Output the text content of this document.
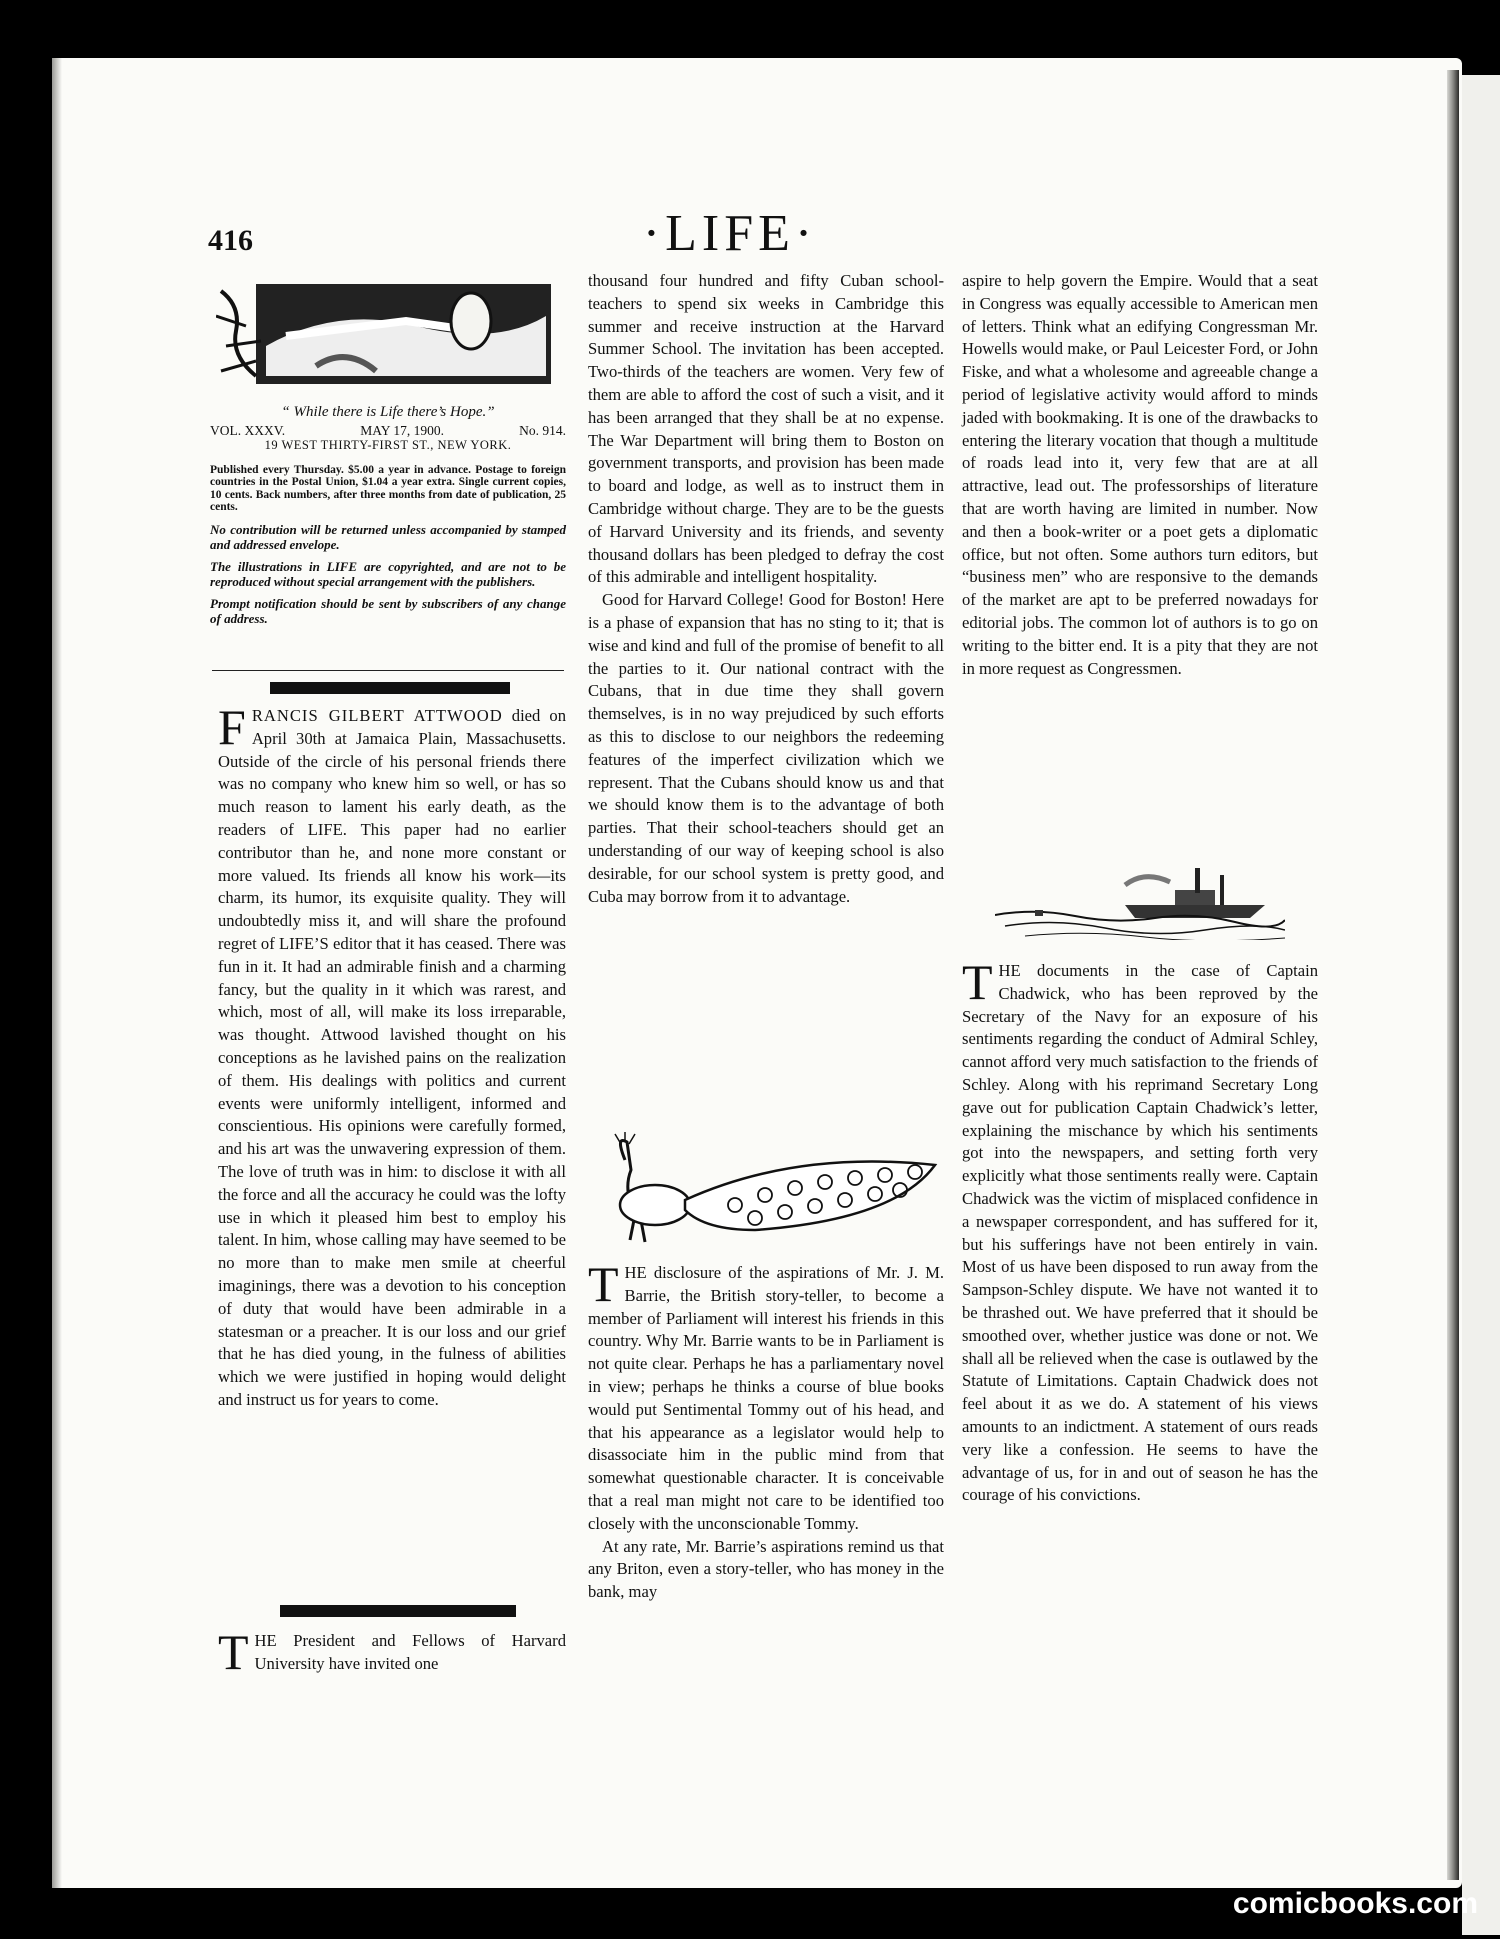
416	·LIFE·
“ While there is Life there’s Hope.”
VOL. XXXV.	MAY 17, 1900.	No. 914.
19 WEST THIRTY-FIRST ST., NEW YORK.
Published every Thursday. $5.00 a year in advance. Postage to foreign countries in the Postal Union, $1.04 a year extra. Single current copies, 10 cents. Back numbers, after three months from date of publication, 25 cents.
No contribution will be returned unless accompanied by stamped and addressed envelope.
The illustrations in LIFE are copyrighted, and are not to be reproduced without special arrangement with the publishers.
Prompt notification should be sent by subscribers of any change of address.

FRANCIS GILBERT ATTWOOD died on April 30th at Jamaica Plain, Massachusetts. Outside of the circle of his personal friends there was no company who knew him so well, or has so much reason to lament his early death, as the readers of LIFE. This paper had no earlier contributor than he, and none more constant or more valued. Its friends all know his work—its charm, its humor, its exquisite quality. They will undoubtedly miss it, and will share the profound regret of LIFE’S editor that it has ceased. There was fun in it. It had an admirable finish and a charming fancy, but the quality in it which was rarest, and which, most of all, will make its loss irreparable, was thought. Attwood lavished thought on his conceptions as he lavished pains on the realization of them. His dealings with politics and current events were uniformly intelligent, informed and conscientious. His opinions were carefully formed, and his art was the unwavering expression of them. The love of truth was in him: to disclose it with all the force and all the accuracy he could was the lofty use in which it pleased him best to employ his talent. In him, whose calling may have seemed to be no more than to make men smile at cheerful imaginings, there was a devotion to his conception of duty that would have been admirable in a statesman or a preacher. It is our loss and our grief that he has died young, in the fulness of abilities which we were justified in hoping would delight and instruct us for years to come.

THE President and Fellows of Harvard University have invited one

thousand four hundred and fifty Cuban school-teachers to spend six weeks in Cambridge this summer and receive instruction at the Harvard Summer School. The invitation has been accepted. Two-thirds of the teachers are women. Very few of them are able to afford the cost of such a visit, and it has been arranged that they shall be at no expense. The War Department will bring them to Boston on government transports, and provision has been made to board and lodge, as well as to instruct them in Cambridge without charge. They are to be the guests of Harvard University and its friends, and seventy thousand dollars has been pledged to defray the cost of this admirable and intelligent hospitality.

Good for Harvard College! Good for Boston! Here is a phase of expansion that has no sting to it; that is wise and kind and full of the promise of benefit to all the parties to it. Our national contract with the Cubans, that in due time they shall govern themselves, is in no way prejudiced by such efforts as this to disclose to our neighbors the redeeming features of the imperfect civilization which we represent. That the Cubans should know us and that we should know them is to the advantage of both parties. That their school-teachers should get an understanding of our way of keeping school is also desirable, for our school system is pretty good, and Cuba may borrow from it to advantage.

THE disclosure of the aspirations of Mr. J. M. Barrie, the British story-teller, to become a member of Parliament will interest his friends in this country. Why Mr. Barrie wants to be in Parliament is not quite clear. Perhaps he has a parliamentary novel in view; perhaps he thinks a course of blue books would put Sentimental Tommy out of his head, and that his appearance as a legislator would help to disassociate him in the public mind from that somewhat questionable character. It is conceivable that a real man might not care to be identified too closely with the unconscionable Tommy.

At any rate, Mr. Barrie’s aspirations remind us that any Briton, even a story-teller, who has money in the bank, may

aspire to help govern the Empire. Would that a seat in Congress was equally accessible to American men of letters. Think what an edifying Congressman Mr. Howells would make, or Paul Leicester Ford, or John Fiske, and what a wholesome and agreeable change a period of legislative activity would afford to minds jaded with bookmaking. It is one of the drawbacks to entering the literary vocation that though a multitude of roads lead into it, very few that are at all attractive, lead out. The professorships of literature that are worth having are limited in number. Now and then a book-writer or a poet gets a diplomatic office, but not often. Some authors turn editors, but “business men” who are responsive to the demands of the market are apt to be preferred nowadays for editorial jobs. The common lot of authors is to go on writing to the bitter end. It is a pity that they are not in more request as Congressmen.

THE documents in the case of Captain Chadwick, who has been reproved by the Secretary of the Navy for an exposure of his sentiments regarding the conduct of Admiral Schley, cannot afford very much satisfaction to the friends of Schley. Along with his reprimand Secretary Long gave out for publication Captain Chadwick’s letter, explaining the mischance by which his sentiments got into the newspapers, and setting forth very explicitly what those sentiments really were. Captain Chadwick was the victim of misplaced confidence in a newspaper correspondent, and has suffered for it, but his sufferings have not been entirely in vain. Most of us have been disposed to run away from the Sampson-Schley dispute. We have not wanted it to be thrashed out. We have preferred that it should be smoothed over, whether justice was done or not. We shall all be relieved when the case is outlawed by the Statute of Limitations. Captain Chadwick does not feel about it as we do. A statement of his views amounts to an indictment. A statement of ours reads very like a confession. He seems to have the advantage of us, for in and out of season he has the courage of his convictions.

comicbooks.com
